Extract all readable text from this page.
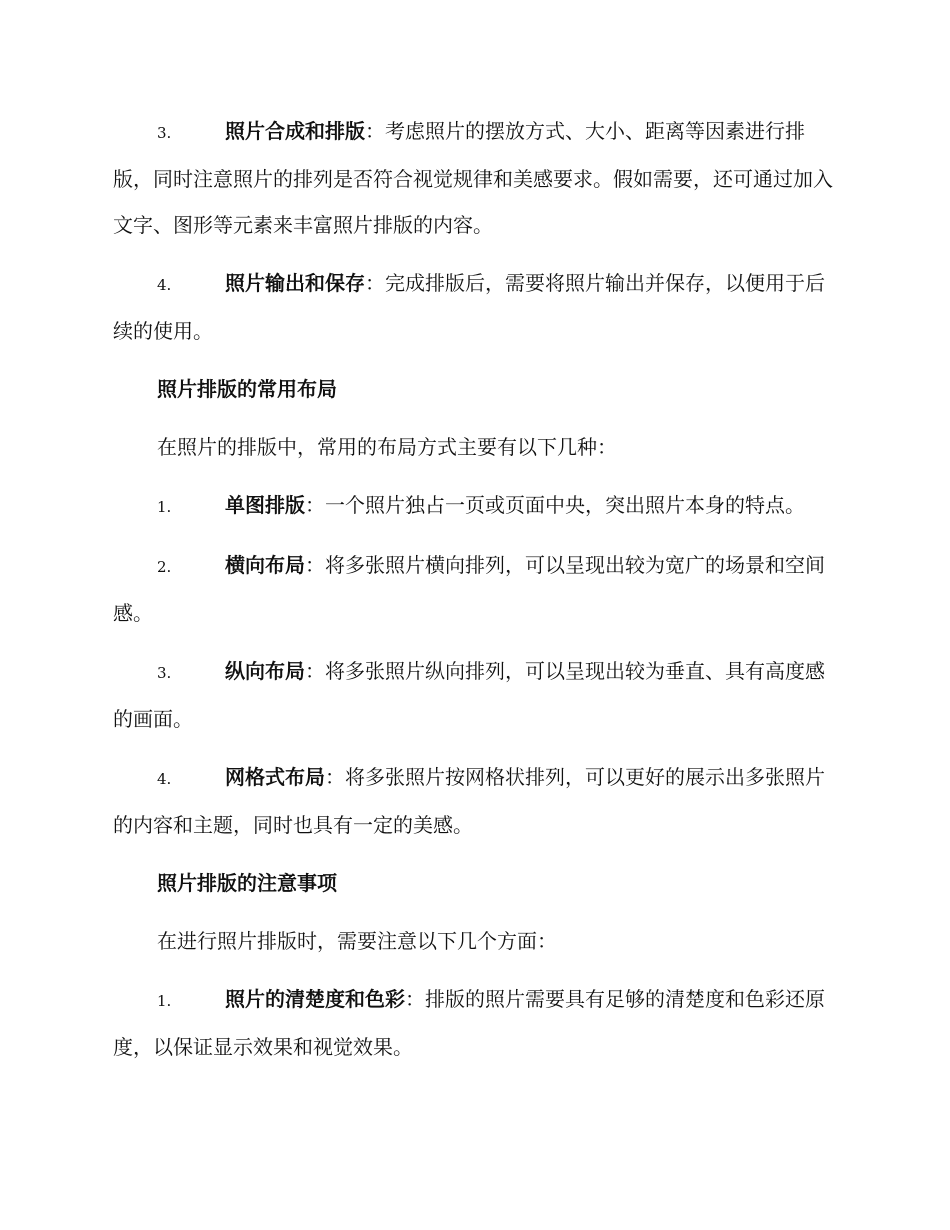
3.	照片合成和排版：考虑照片的摆放方式、大小、距离等因素进行排版，同时注意照片的排列是否符合视觉规律和美感要求。假如需要，还可通过加入文字、图形等元素来丰富照片排版的内容。

4.	照片输出和保存：完成排版后，需要将照片输出并保存，以便用于后续的使用。

照片排版的常用布局

在照片的排版中，常用的布局方式主要有以下几种：

1.	单图排版：一个照片独占一页或页面中央，突出照片本身的特点。

2.	横向布局：将多张照片横向排列，可以呈现出较为宽广的场景和空间感。

3.	纵向布局：将多张照片纵向排列，可以呈现出较为垂直、具有高度感的画面。

4.	网格式布局：将多张照片按网格状排列，可以更好的展示出多张照片的内容和主题，同时也具有一定的美感。

照片排版的注意事项

在进行照片排版时，需要注意以下几个方面：

1.	照片的清楚度和色彩：排版的照片需要具有足够的清楚度和色彩还原度，以保证显示效果和视觉效果。
